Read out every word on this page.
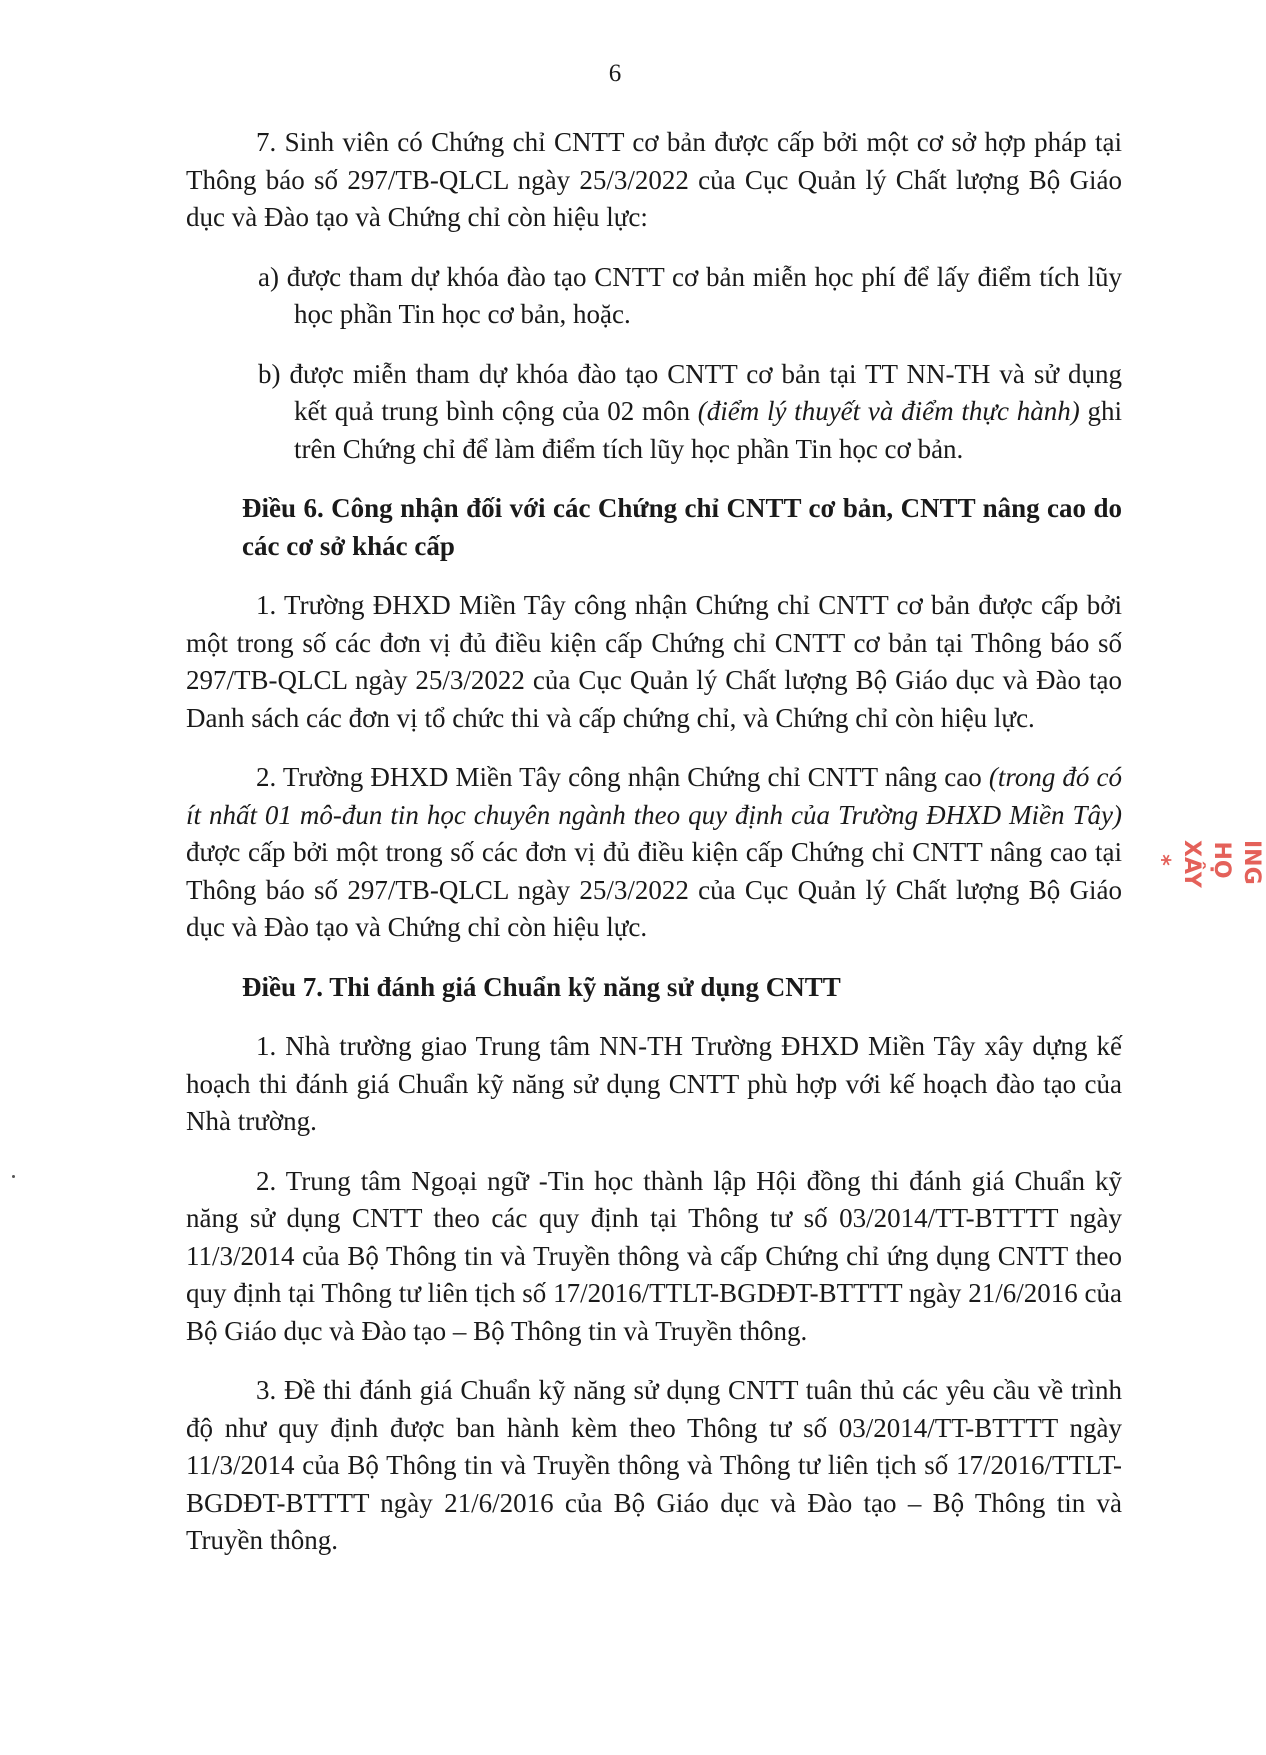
6

7. Sinh viên có Chứng chỉ CNTT cơ bản được cấp bởi một cơ sở hợp pháp tại Thông báo số 297/TB-QLCL ngày 25/3/2022 của Cục Quản lý Chất lượng Bộ Giáo dục và Đào tạo và Chứng chỉ còn hiệu lực:

a) được tham dự khóa đào tạo CNTT cơ bản miễn học phí để lấy điểm tích lũy học phần Tin học cơ bản, hoặc.

b) được miễn tham dự khóa đào tạo CNTT cơ bản tại TT NN-TH và sử dụng kết quả trung bình cộng của 02 môn (điểm lý thuyết và điểm thực hành) ghi trên Chứng chỉ để làm điểm tích lũy học phần Tin học cơ bản.

Điều 6. Công nhận đối với các Chứng chỉ CNTT cơ bản, CNTT nâng cao do các cơ sở khác cấp

1. Trường ĐHXD Miền Tây công nhận Chứng chỉ CNTT cơ bản được cấp bởi một trong số các đơn vị đủ điều kiện cấp Chứng chỉ CNTT cơ bản tại Thông báo số 297/TB-QLCL ngày 25/3/2022 của Cục Quản lý Chất lượng Bộ Giáo dục và Đào tạo Danh sách các đơn vị tổ chức thi và cấp chứng chỉ, và Chứng chỉ còn hiệu lực.

2. Trường ĐHXD Miền Tây công nhận Chứng chỉ CNTT nâng cao (trong đó có ít nhất 01 mô-đun tin học chuyên ngành theo quy định của Trường ĐHXD Miền Tây) được cấp bởi một trong số các đơn vị đủ điều kiện cấp Chứng chỉ CNTT nâng cao tại Thông báo số 297/TB-QLCL ngày 25/3/2022 của Cục Quản lý Chất lượng Bộ Giáo dục và Đào tạo và Chứng chỉ còn hiệu lực.

Điều 7. Thi đánh giá Chuẩn kỹ năng sử dụng CNTT

1. Nhà trường giao Trung tâm NN-TH Trường ĐHXD Miền Tây xây dựng kế hoạch thi đánh giá Chuẩn kỹ năng sử dụng CNTT phù hợp với kế hoạch đào tạo của Nhà trường.

2. Trung tâm Ngoại ngữ -Tin học thành lập Hội đồng thi đánh giá Chuẩn kỹ năng sử dụng CNTT theo các quy định tại Thông tư số 03/2014/TT-BTTTT ngày 11/3/2014 của Bộ Thông tin và Truyền thông và cấp Chứng chỉ ứng dụng CNTT theo quy định tại Thông tư liên tịch số 17/2016/TTLT-BGDĐT-BTTTT ngày 21/6/2016 của Bộ Giáo dục và Đào tạo – Bộ Thông tin và Truyền thông.

3. Đề thi đánh giá Chuẩn kỹ năng sử dụng CNTT tuân thủ các yêu cầu về trình độ như quy định được ban hành kèm theo Thông tư số 03/2014/TT-BTTTT ngày 11/3/2014 của Bộ Thông tin và Truyền thông và Thông tư liên tịch số 17/2016/TTLT-BGDĐT-BTTTT ngày 21/6/2016 của Bộ Giáo dục và Đào tạo – Bộ Thông tin và Truyền thông.

ING HỌ XÂY *
